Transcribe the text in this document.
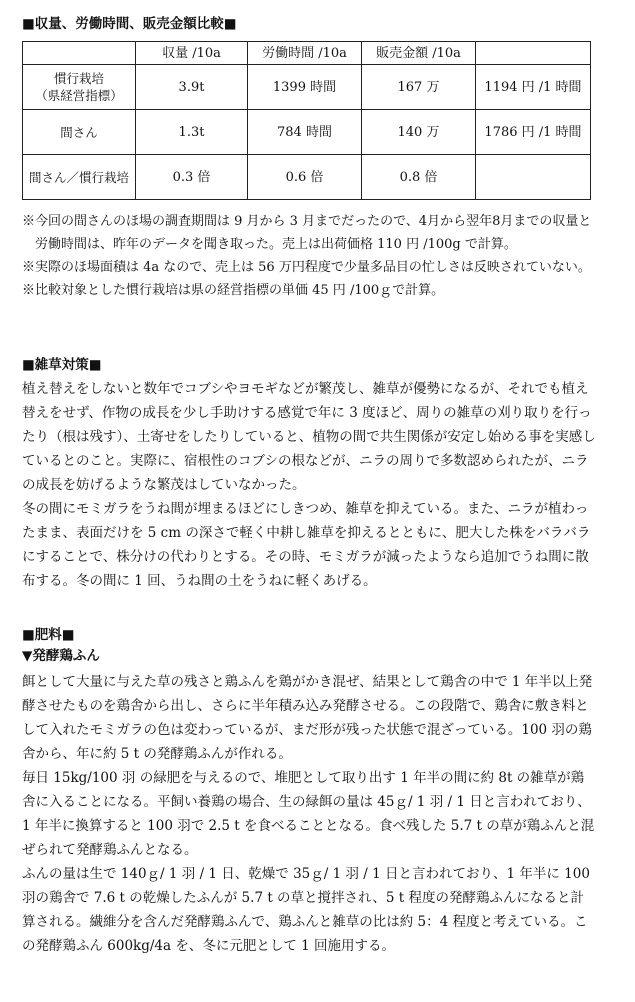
■収量、労働時間、販売金額比較■
	収量 /10a	労働時間 /10a	販売金額 /10a	
慣行栽培
（県経営指標）	3.9t	1399 時間	167 万	1194 円 /1 時間
間さん	1.3t	784 時間	140 万	1786 円 /1 時間
間さん／慣行栽培	0.3 倍	0.6 倍	0.8 倍	

※今回の間さんのほ場の調査期間は 9 月から 3 月までだったので、4月から翌年8月までの収量と労働時間は、昨年のデータを聞き取った。売上は出荷価格 110 円 /100g で計算。

※実際のほ場面積は 4a なので、売上は 56 万円程度で少量多品目の忙しさは反映されていない。

※比較対象とした慣行栽培は県の経営指標の単価 45 円 /100ｇで計算。

■雑草対策■

植え替えをしないと数年でコブシやヨモギなどが繁茂し、雑草が優勢になるが、それでも植え替えをせず、作物の成長を少し手助けする感覚で年に 3 度ほど、周りの雑草の刈り取りを行ったり（根は残す）、土寄せをしたりしていると、植物の間で共生関係が安定し始める事を実感しているとのこと。実際に、宿根性のコブシの根などが、ニラの周りで多数認められたが、ニラの成長を妨げるような繁茂はしていなかった。

冬の間にモミガラをうね間が埋まるほどにしきつめ、雑草を抑えている。また、ニラが植わったまま、表面だけを 5 cm の深さで軽く中耕し雑草を抑えるとともに、肥大した株をバラバラにすることで、株分けの代わりとする。その時、モミガラが減ったようなら追加でうね間に散布する。冬の間に 1 回、うね間の土をうねに軽くあげる。

■肥料■
▼発酵鶏ふん

餌として大量に与えた草の残さと鶏ふんを鶏がかき混ぜ、結果として鶏舎の中で 1 年半以上発酵させたものを鶏舎から出し、さらに半年積み込み発酵させる。この段階で、鶏舎に敷き料として入れたモミガラの色は変わっているが、まだ形が残った状態で混ざっている。100 羽の鶏舎から、年に約 5 t の発酵鶏ふんが作れる。

毎日 15kg/100 羽 の緑肥を与えるので、堆肥として取り出す 1 年半の間に約 8t の雑草が鶏舎に入ることになる。平飼い養鶏の場合、生の緑餌の量は 45ｇ/ 1 羽 / 1 日と言われており、1 年半に換算すると 100 羽で 2.5 t を食べることとなる。食べ残した 5.7 t の草が鶏ふんと混ぜられて発酵鶏ふんとなる。

ふんの量は生で 140ｇ/ 1 羽 / 1 日、乾燥で 35ｇ/ 1 羽 / 1 日と言われており、1 年半に 100 羽の鶏舎で 7.6 t の乾燥したふんが 5.7 t の草と撹拌され、5 t 程度の発酵鶏ふんになると計算される。繊維分を含んだ発酵鶏ふんで、鶏ふんと雑草の比は約 5：4 程度と考えている。この発酵鶏ふん 600kg/4a を、冬に元肥として 1 回施用する。
